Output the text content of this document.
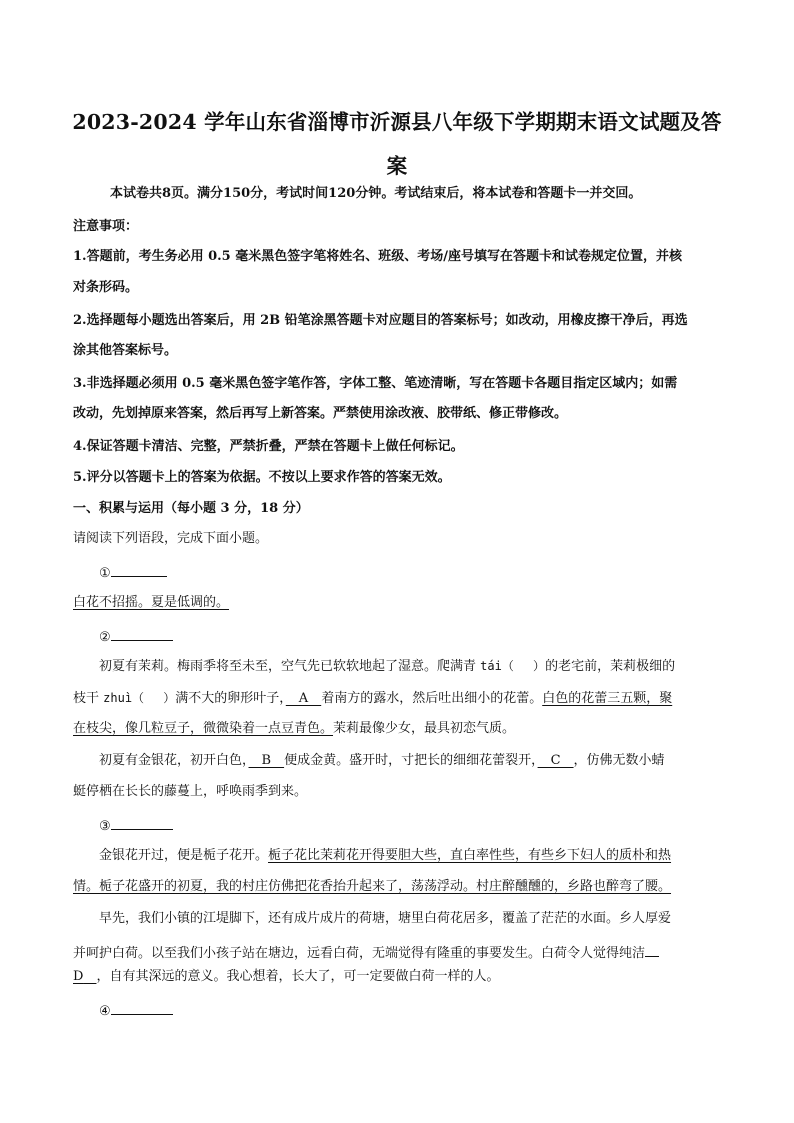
2023-2024 学年山东省淄博市沂源县八年级下学期期末语文试题及答
案
本试卷共8页。满分150分，考试时间120分钟。考试结束后，将本试卷和答题卡一并交回。
注意事项：
1.答题前，考生务必用 0.5 毫米黑色签字笔将姓名、班级、考场/座号填写在答题卡和试卷规定位置，并核
对条形码。
2.选择题每小题选出答案后，用 2B 铅笔涂黑答题卡对应题目的答案标号；如改动，用橡皮擦干净后，再选
涂其他答案标号。
3.非选择题必须用 0.5 毫米黑色签字笔作答，字体工整、笔迹清晰，写在答题卡各题目指定区域内；如需
改动，先划掉原来答案，然后再写上新答案。严禁使用涂改液、胶带纸、修正带修改。
4.保证答题卡清洁、完整，严禁折叠，严禁在答题卡上做任何标记。
5.评分以答题卡上的答案为依据。不按以上要求作答的答案无效。
一、积累与运用（每小题 3 分，18 分）
请阅读下列语段，完成下面小题。
①
白花不招摇。夏是低调的。
②
初夏有茉莉。梅雨季将至未至，空气先已软软地起了湿意。爬满青 tái（　 ）的老宅前，茉莉极细的
枝干 zhuì（　 ）满不大的卵形叶子，　A　着南方的露水，然后吐出细小的花蕾。白色的花蕾三五颗，聚
在枝尖，像几粒豆子，微微染着一点豆青色。茉莉最像少女，最具初恋气质。
初夏有金银花，初开白色，　B　便成金黄。盛开时，寸把长的细细花蕾裂开，　C　，仿佛无数小蜻
蜓停栖在长长的藤蔓上，呼唤雨季到来。
③
金银花开过，便是栀子花开。栀子花比茉莉花开得要胆大些，直白率性些，有些乡下妇人的质朴和热
情。栀子花盛开的初夏，我的村庄仿佛把花香抬升起来了，荡荡浮动。村庄醉醺醺的，乡路也醉弯了腰。
早先，我们小镇的江堤脚下，还有成片成片的荷塘，塘里白荷花居多，覆盖了茫茫的水面。乡人厚爱
并呵护白荷。以至我们小孩子站在塘边，远看白荷，无端觉得有隆重的事要发生。白荷令人觉得纯洁
D　 ，自有其深远的意义。我心想着，长大了，可一定要做白荷一样的人。
④
